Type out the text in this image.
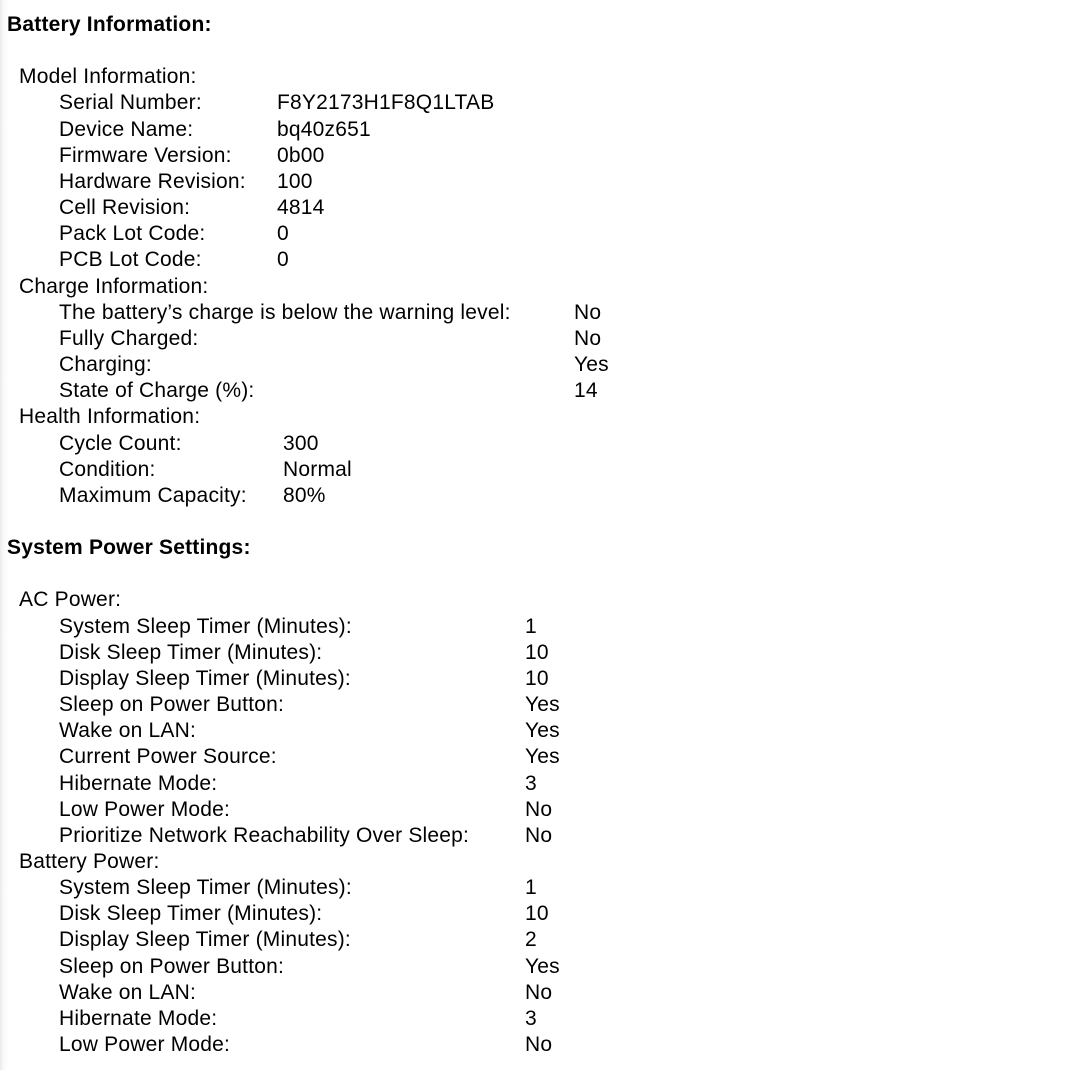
Battery Information:
Model Information:
Serial Number:	F8Y2173H1F8Q1LTAB
Device Name:	bq40z651
Firmware Version:	0b00
Hardware Revision:	100
Cell Revision:	4814
Pack Lot Code:	0
PCB Lot Code:	0
Charge Information:
The battery’s charge is below the warning level:	No
Fully Charged:	No
Charging:	Yes
State of Charge (%):	14
Health Information:
Cycle Count:	300
Condition:	Normal
Maximum Capacity:	80%
System Power Settings:
AC Power:
System Sleep Timer (Minutes):	1
Disk Sleep Timer (Minutes):	10
Display Sleep Timer (Minutes):	10
Sleep on Power Button:	Yes
Wake on LAN:	Yes
Current Power Source:	Yes
Hibernate Mode:	3
Low Power Mode:	No
Prioritize Network Reachability Over Sleep:	No
Battery Power:
System Sleep Timer (Minutes):	1
Disk Sleep Timer (Minutes):	10
Display Sleep Timer (Minutes):	2
Sleep on Power Button:	Yes
Wake on LAN:	No
Hibernate Mode:	3
Low Power Mode:	No
